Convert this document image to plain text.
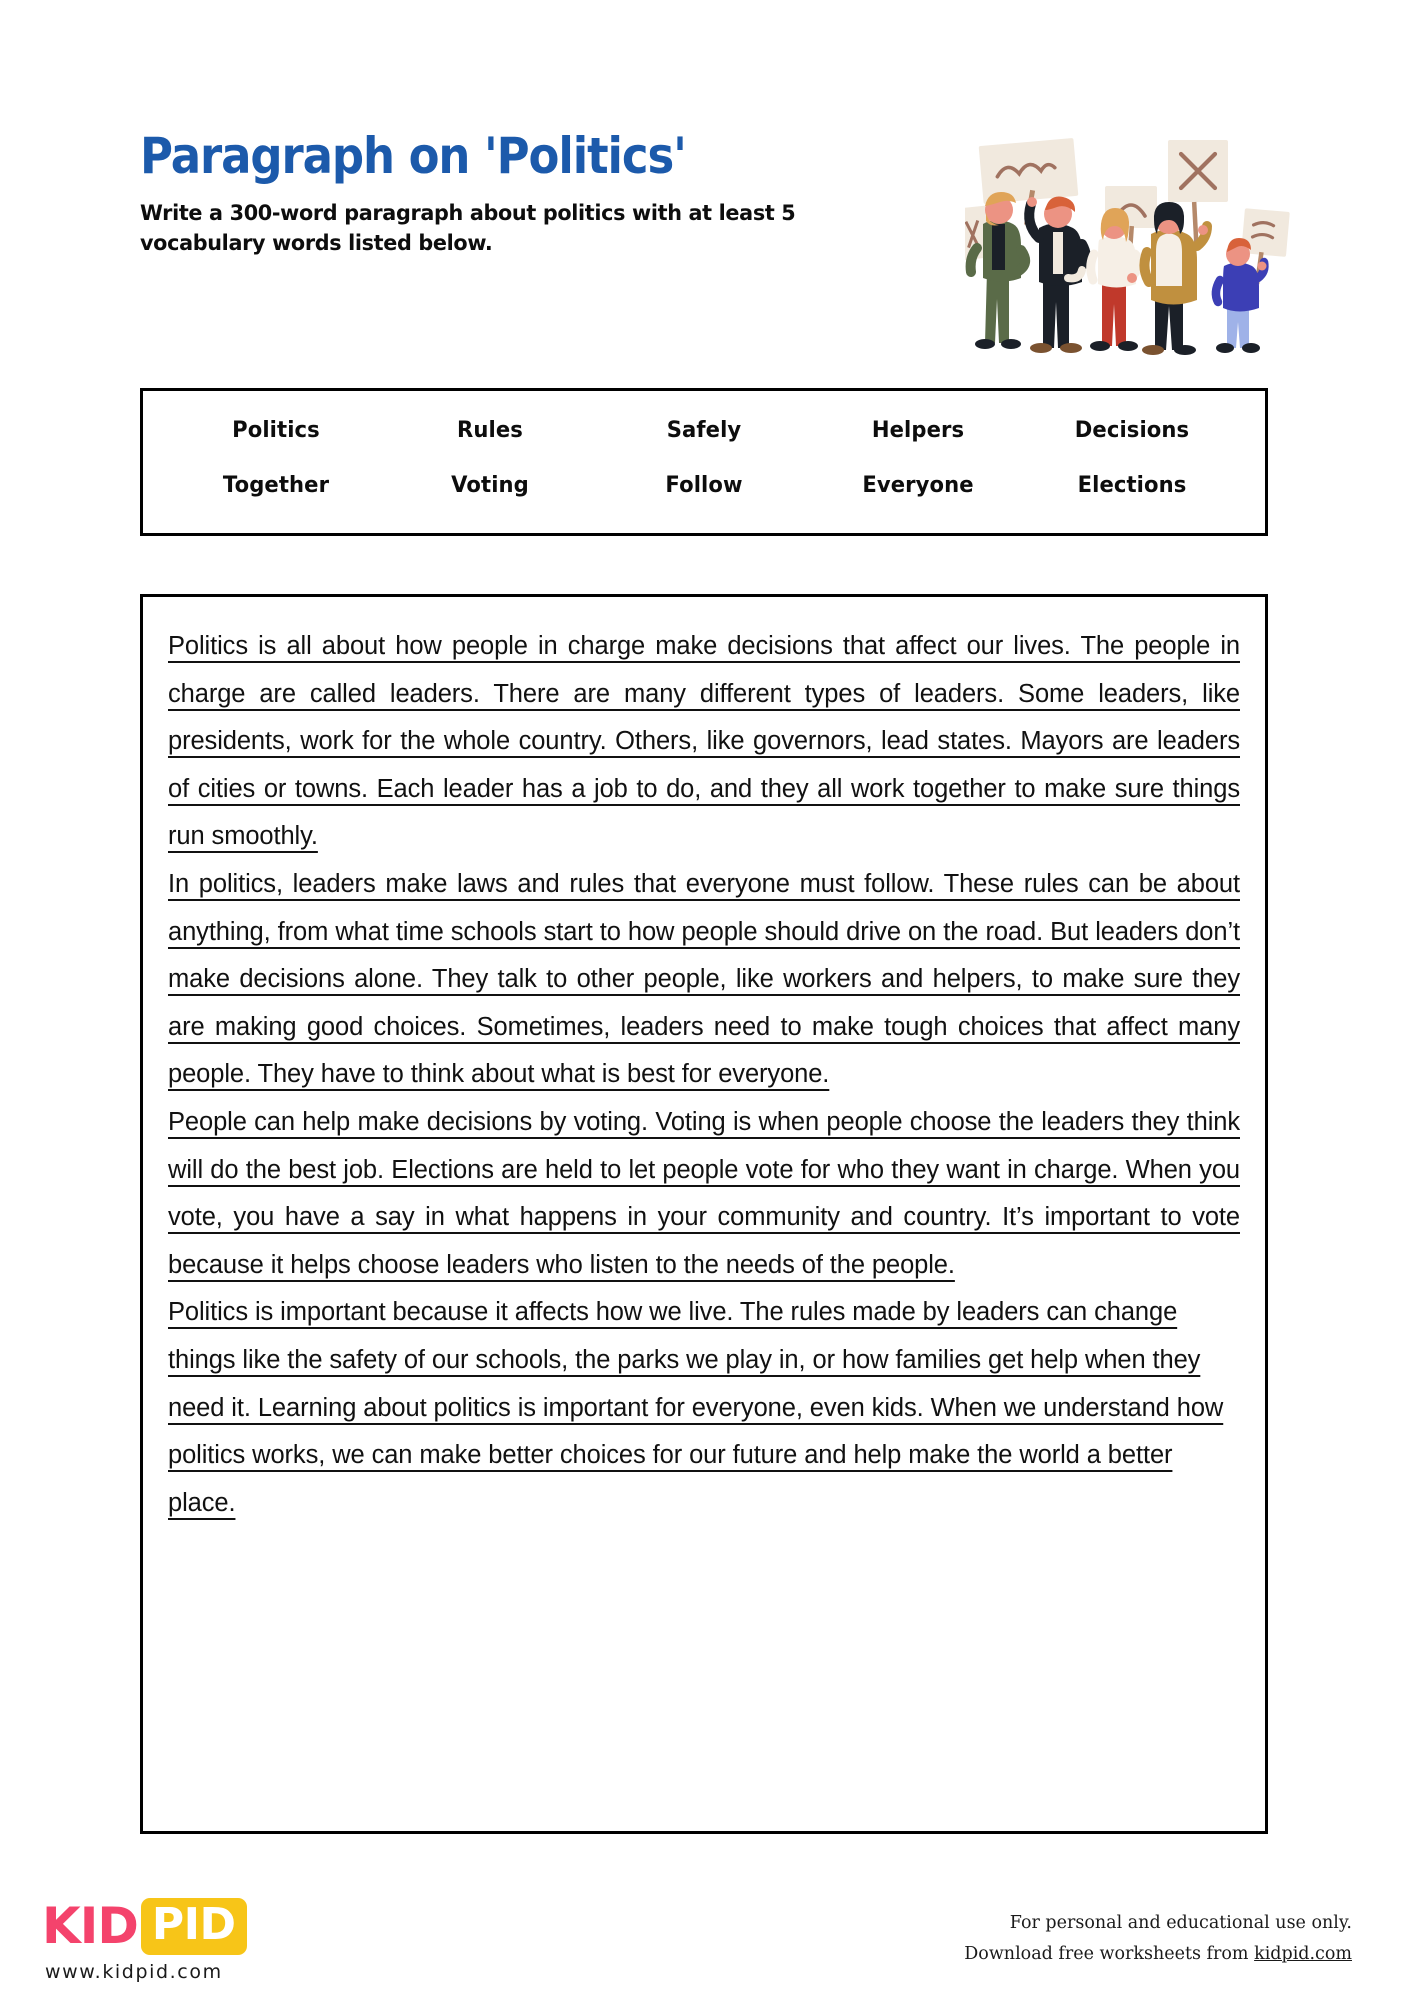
Paragraph on 'Politics'
Write a 300-word paragraph about politics with at least 5 vocabulary words listed below.
Politics	Rules	Safely	Helpers	Decisions
Together	Voting	Follow	Everyone	Elections

Politics is all about how people in charge make decisions that affect our lives. The people in charge are called leaders. There are many different types of leaders. Some leaders, like presidents, work for the whole country. Others, like governors, lead states. Mayors are leaders of cities or towns. Each leader has a job to do, and they all work together to make sure things run smoothly.

In politics, leaders make laws and rules that everyone must follow. These rules can be about anything, from what time schools start to how people should drive on the road. But leaders don’t make decisions alone. They talk to other people, like workers and helpers, to make sure they are making good choices. Sometimes, leaders need to make tough choices that affect many people. They have to think about what is best for everyone.

People can help make decisions by voting. Voting is when people choose the leaders they think will do the best job. Elections are held to let people vote for who they want in charge. When you vote, you have a say in what happens in your community and country. It’s important to vote because it helps choose leaders who listen to the needs of the people.

Politics is important because it affects how we live. The rules made by leaders can change things like the safety of our schools, the parks we play in, or how families get help when they need it. Learning about politics is important for everyone, even kids. When we understand how politics works, we can make better choices for our future and help make the world a better place.

KID PID
www.kidpid.com
For personal and educational use only.
Download free worksheets from kidpid.com
